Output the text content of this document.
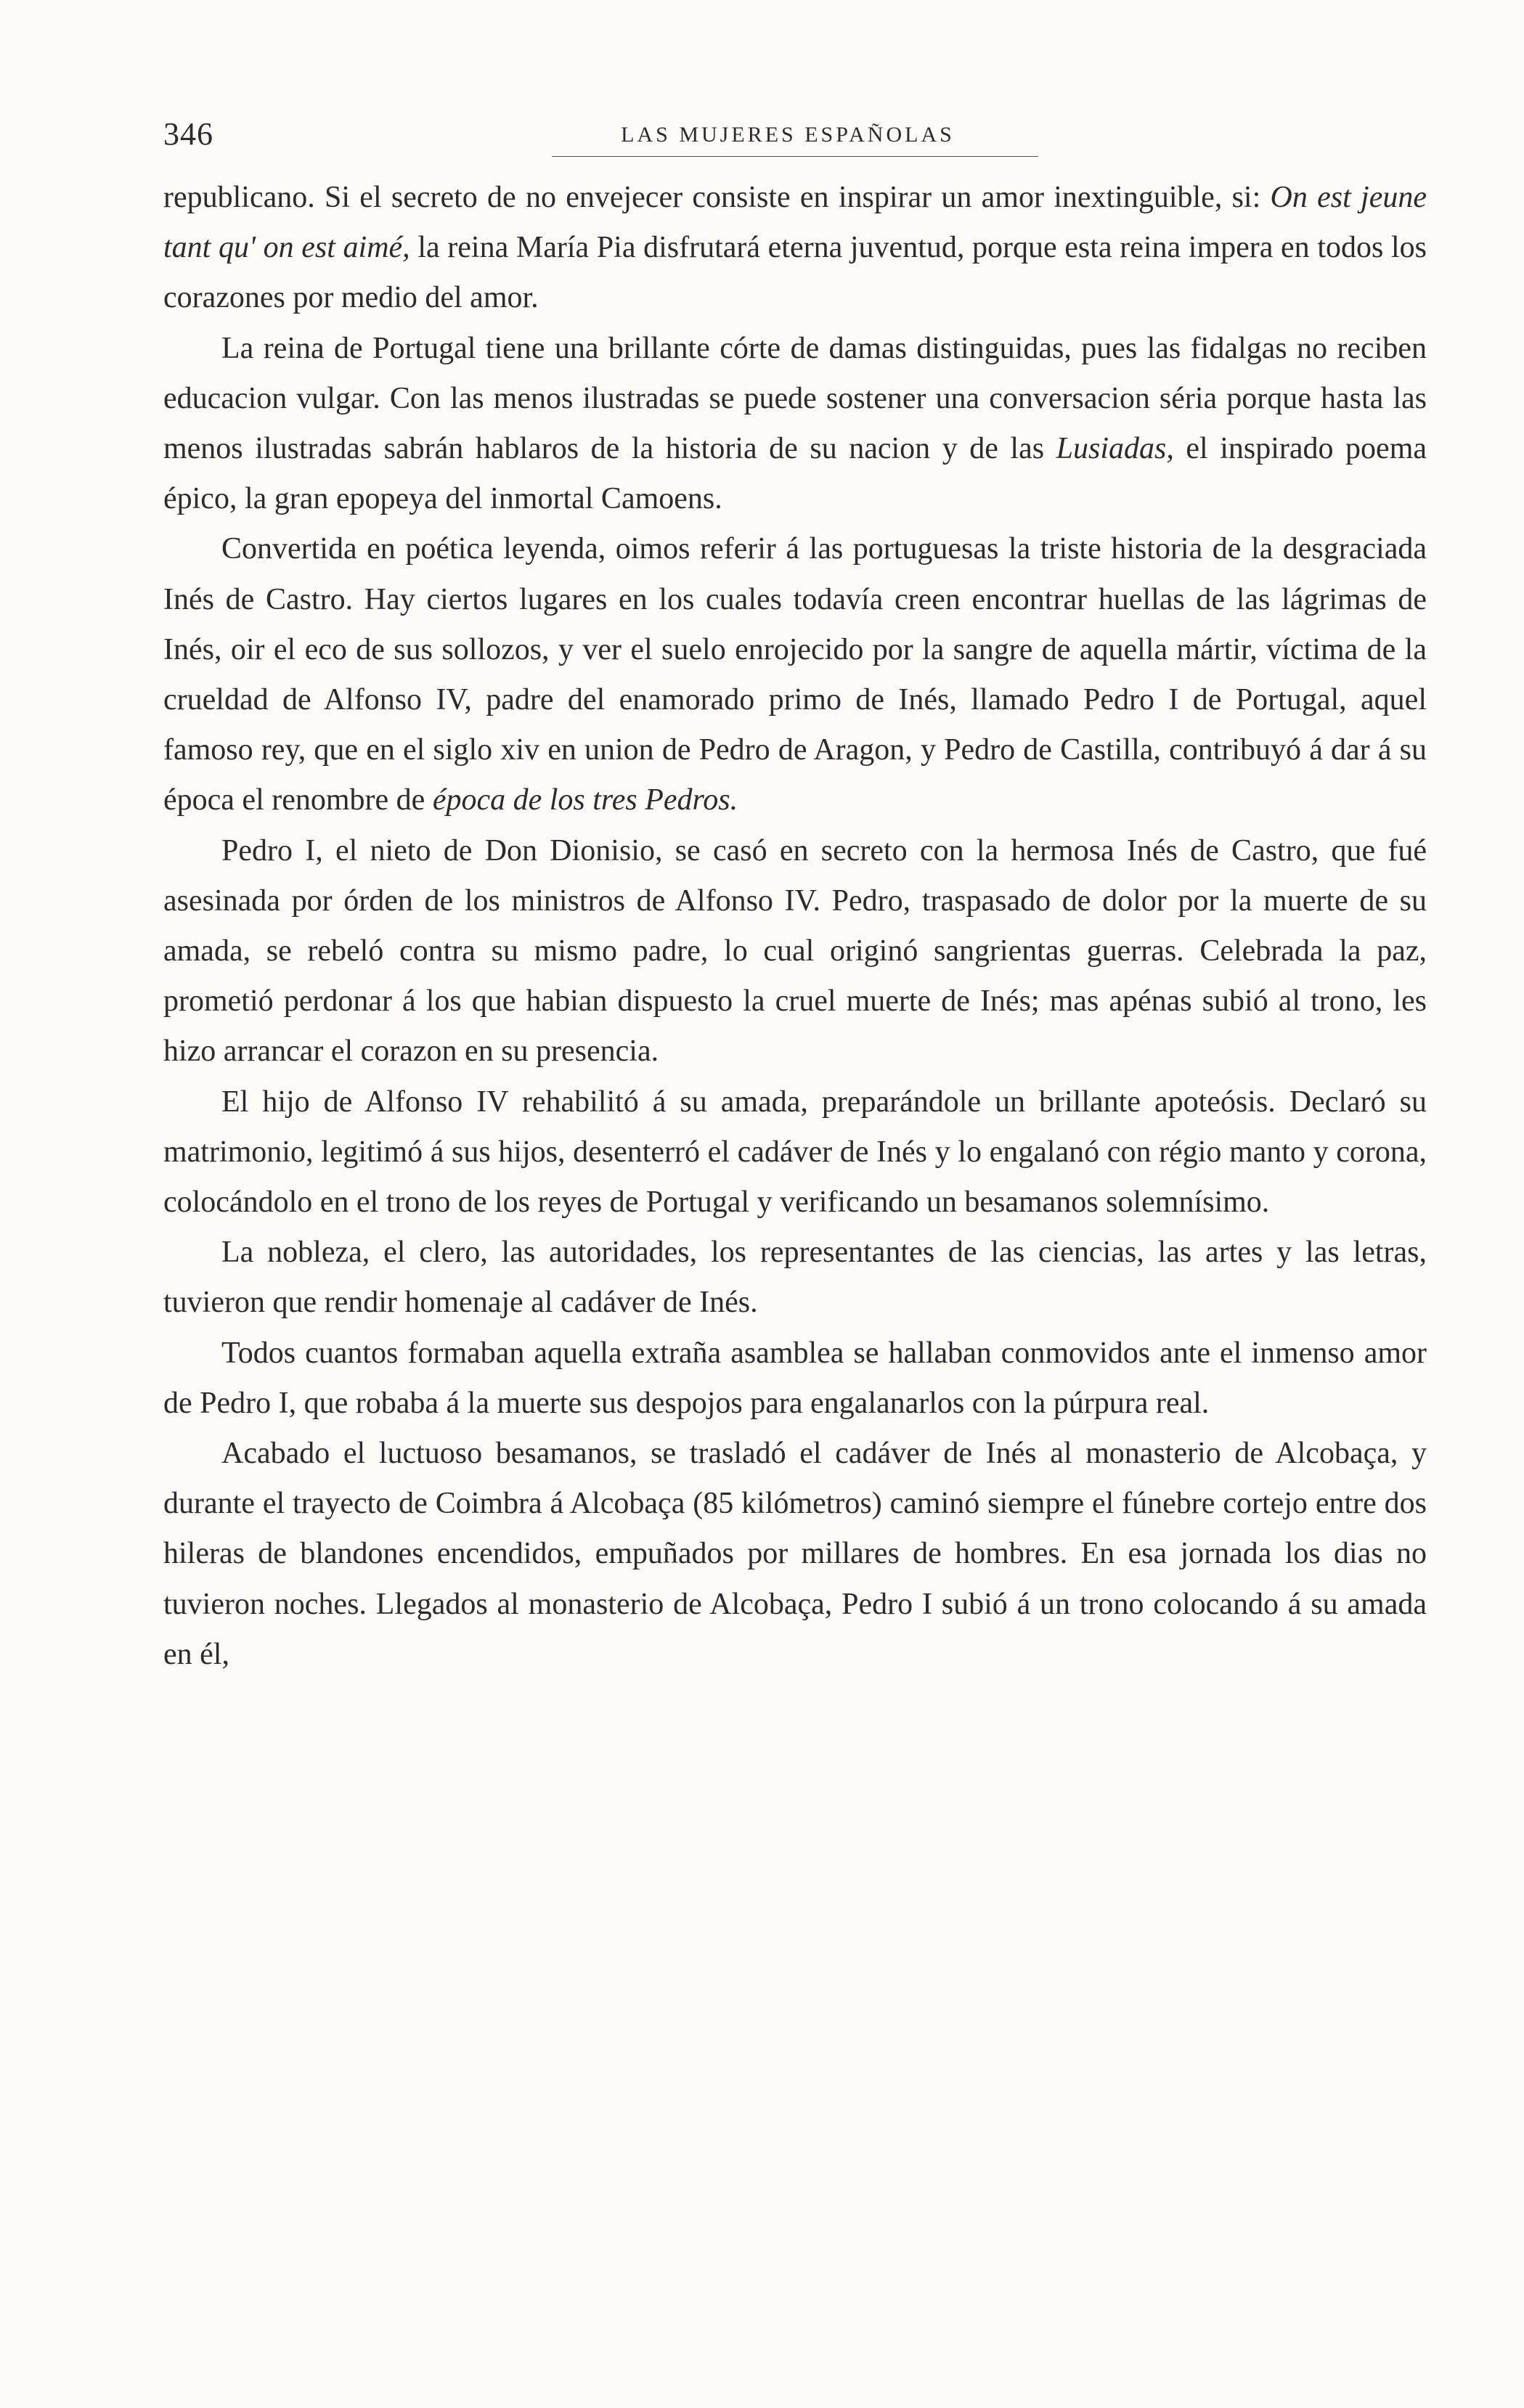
346	LAS MUJERES ESPAÑOLAS

republicano. Si el secreto de no envejecer consiste en inspirar un amor inextinguible, si: On est jeune tant qu' on est aimé, la reina María Pia disfrutará eterna juventud, porque esta reina impera en todos los corazones por medio del amor.

La reina de Portugal tiene una brillante córte de damas distinguidas, pues las fidalgas no reciben educacion vulgar. Con las menos ilustradas se puede sostener una conversacion séria porque hasta las menos ilustradas sabrán hablaros de la historia de su nacion y de las Lusiadas, el inspirado poema épico, la gran epopeya del inmortal Camoens.

Convertida en poética leyenda, oimos referir á las portuguesas la triste historia de la desgraciada Inés de Castro. Hay ciertos lugares en los cuales todavía creen encontrar huellas de las lágrimas de Inés, oir el eco de sus sollozos, y ver el suelo enrojecido por la sangre de aquella mártir, víctima de la crueldad de Alfonso IV, padre del enamorado primo de Inés, llamado Pedro I de Portugal, aquel famoso rey, que en el siglo xiv en union de Pedro de Aragon, y Pedro de Castilla, contribuyó á dar á su época el renombre de época de los tres Pedros.

Pedro I, el nieto de Don Dionisio, se casó en secreto con la hermosa Inés de Castro, que fué asesinada por órden de los ministros de Alfonso IV. Pedro, traspasado de dolor por la muerte de su amada, se rebeló contra su mismo padre, lo cual originó sangrientas guerras. Celebrada la paz, prometió perdonar á los que habian dispuesto la cruel muerte de Inés; mas apénas subió al trono, les hizo arrancar el corazon en su presencia.

El hijo de Alfonso IV rehabilitó á su amada, preparándole un brillante apoteósis. Declaró su matrimonio, legitimó á sus hijos, desenterró el cadáver de Inés y lo engalanó con régio manto y corona, colocándolo en el trono de los reyes de Portugal y verificando un besamanos solemnísimo.

La nobleza, el clero, las autoridades, los representantes de las ciencias, las artes y las letras, tuvieron que rendir homenaje al cadáver de Inés.

Todos cuantos formaban aquella extraña asamblea se hallaban conmovidos ante el inmenso amor de Pedro I, que robaba á la muerte sus despojos para engalanarlos con la púrpura real.

Acabado el luctuoso besamanos, se trasladó el cadáver de Inés al monasterio de Alcobaça, y durante el trayecto de Coimbra á Alcobaça (85 kilómetros) caminó siempre el fúnebre cortejo entre dos hileras de blandones encendidos, empuñados por millares de hombres. En esa jornada los dias no tuvieron noches. Llegados al monasterio de Alcobaça, Pedro I subió á un trono colocando á su amada en él,
